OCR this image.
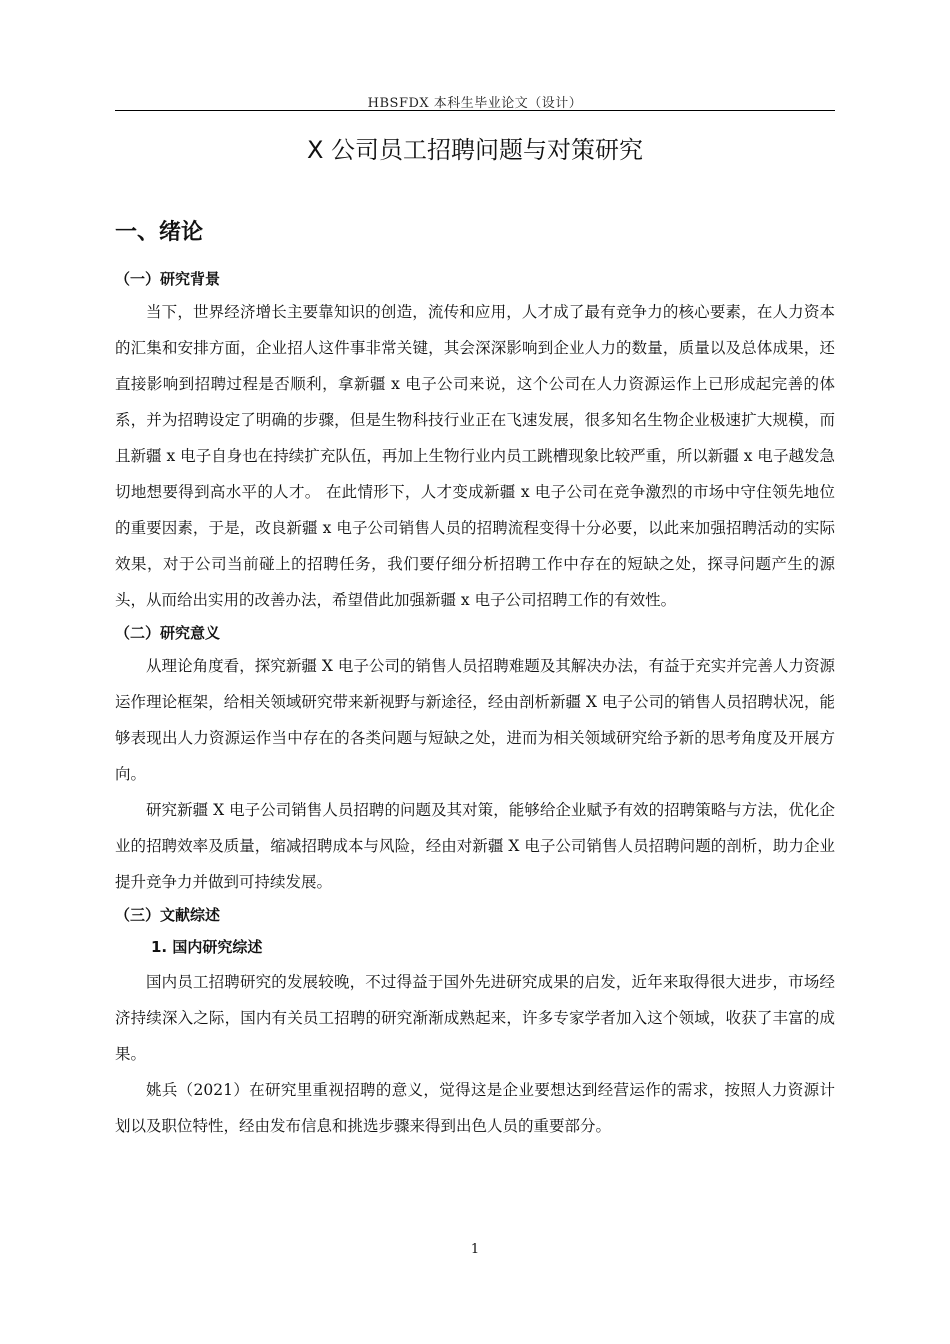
HBSFDX 本科生毕业论文（设计）
X 公司员工招聘问题与对策研究
一、绪论
（一）研究背景

当下，世界经济增长主要靠知识的创造，流传和应用，人才成了最有竞争力的核心要素，在人力资本的汇集和安排方面，企业招人这件事非常关键，其会深深影响到企业人力的数量，质量以及总体成果，还直接影响到招聘过程是否顺利，拿新疆 x 电子公司来说，这个公司在人力资源运作上已形成起完善的体系，并为招聘设定了明确的步骤，但是生物科技行业正在飞速发展，很多知名生物企业极速扩大规模，而且新疆 x 电子自身也在持续扩充队伍，再加上生物行业内员工跳槽现象比较严重，所以新疆 x 电子越发急切地想要得到高水平的人才。 在此情形下，人才变成新疆 x 电子公司在竞争激烈的市场中守住领先地位的重要因素，于是，改良新疆 x 电子公司销售人员的招聘流程变得十分必要，以此来加强招聘活动的实际效果，对于公司当前碰上的招聘任务，我们要仔细分析招聘工作中存在的短缺之处，探寻问题产生的源头，从而给出实用的改善办法，希望借此加强新疆 x 电子公司招聘工作的有效性。

（二）研究意义

从理论角度看，探究新疆 X 电子公司的销售人员招聘难题及其解决办法，有益于充实并完善人力资源运作理论框架，给相关领域研究带来新视野与新途径，经由剖析新疆 X 电子公司的销售人员招聘状况，能够表现出人力资源运作当中存在的各类问题与短缺之处，进而为相关领域研究给予新的思考角度及开展方向。

研究新疆 X 电子公司销售人员招聘的问题及其对策，能够给企业赋予有效的招聘策略与方法，优化企业的招聘效率及质量，缩减招聘成本与风险，经由对新疆 X 电子公司销售人员招聘问题的剖析，助力企业提升竞争力并做到可持续发展。

（三）文献综述
1. 国内研究综述

国内员工招聘研究的发展较晚，不过得益于国外先进研究成果的启发，近年来取得很大进步，市场经济持续深入之际，国内有关员工招聘的研究渐渐成熟起来，许多专家学者加入这个领域，收获了丰富的成果。

姚兵（2021）在研究里重视招聘的意义，觉得这是企业要想达到经营运作的需求，按照人力资源计划以及职位特性，经由发布信息和挑选步骤来得到出色人员的重要部分。

1
